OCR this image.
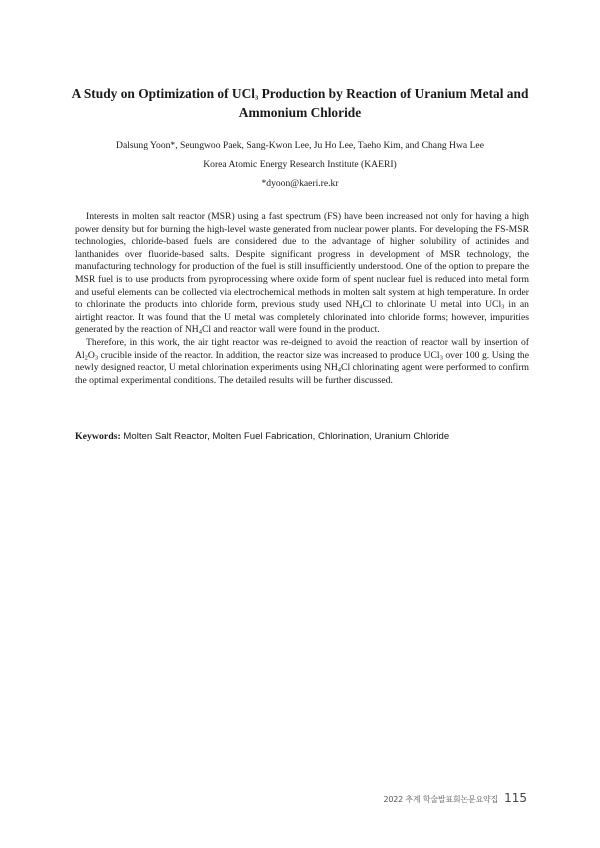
A Study on Optimization of UCl$_3$ Production by Reaction of Uranium Metal and Ammonium Chloride
Dalsung Yoon*, Seungwoo Paek, Sang-Kwon Lee, Ju Ho Lee, Taeho Kim, and Chang Hwa Lee
Korea Atomic Energy Research Institute (KAERI)
*dyoon@kaeri.re.kr

Interests in molten salt reactor (MSR) using a fast spectrum (FS) have been increased not only for having a high power density but for burning the high-level waste generated from nuclear power plants. For developing the FS-MSR technologies, chloride-based fuels are considered due to the advantage of higher solubility of actinides and lanthanides over fluoride-based salts. Despite significant progress in development of MSR technology, the manufacturing technology for production of the fuel is still insufficiently understood. One of the option to prepare the MSR fuel is to use products from pyroprocessing where oxide form of spent nuclear fuel is reduced into metal form and useful elements can be collected via electrochemical methods in molten salt system at high temperature. In order to chlorinate the products into chloride form, previous study used $NH_4Cl$ to chlorinate U metal into UCl$_3$ in an airtight reactor. It was found that the U metal was completely chlorinated into chloride forms; however, impurities generated by the reaction of $NH_4Cl$ and reactor wall were found in the product.

Therefore, in this work, the air tight reactor was re-deigned to avoid the reaction of reactor wall by insertion of $Al_2O_3$ crucible inside of the reactor. In addition, the reactor size was increased to produce UCl$_3$ over 100 g. Using the newly designed reactor, U metal chlorination experiments using $NH_4Cl$ chlorinating agent were performed to confirm the optimal experimental conditions. The detailed results will be further discussed.

Keywords: Molten Salt Reactor, Molten Fuel Fabrication, Chlorination, Uranium Chloride
2022 추계 학술발표회논문요약집 115
